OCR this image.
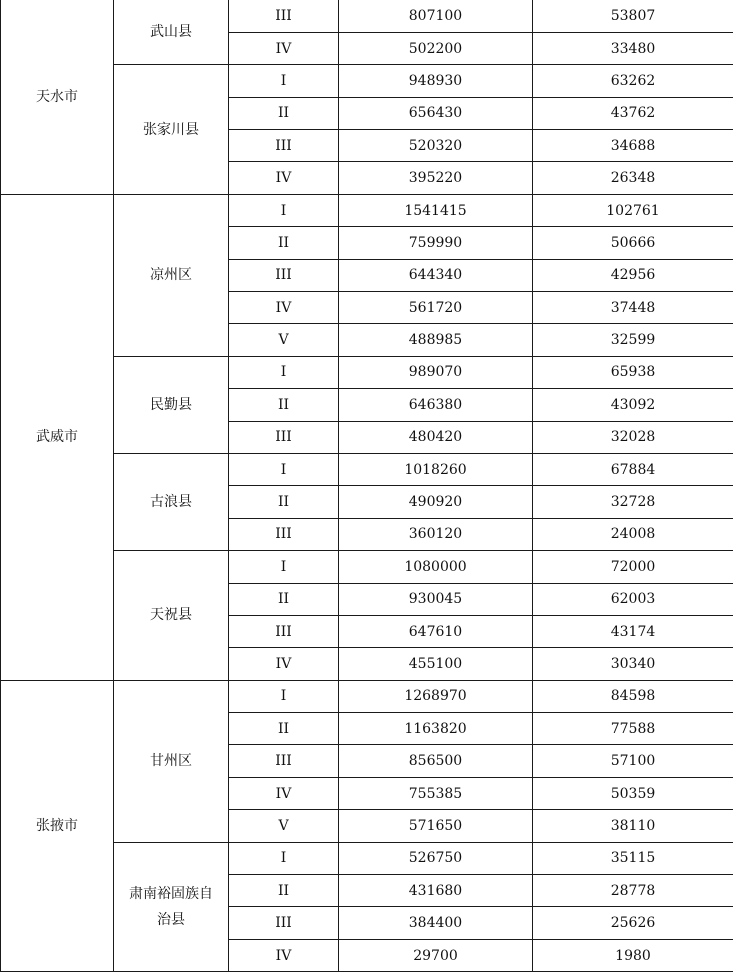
天水市	武山县	III	807100	53807
		IV	502200	33480
	张家川县	I	948930	63262
		II	656430	43762
		III	520320	34688
		IV	395220	26348
武威市	凉州区	I	1541415	102761
		II	759990	50666
		III	644340	42956
		IV	561720	37448
		V	488985	32599
	民勤县	I	989070	65938
		II	646380	43092
		III	480420	32028
	古浪县	I	1018260	67884
		II	490920	32728
		III	360120	24008
	天祝县	I	1080000	72000
		II	930045	62003
		III	647610	43174
		IV	455100	30340
张掖市	甘州区	I	1268970	84598
		II	1163820	77588
		III	856500	57100
		IV	755385	50359
		V	571650	38110
	肃南裕固族自治县	I	526750	35115
		II	431680	28778
		III	384400	25626
		IV	29700	1980
